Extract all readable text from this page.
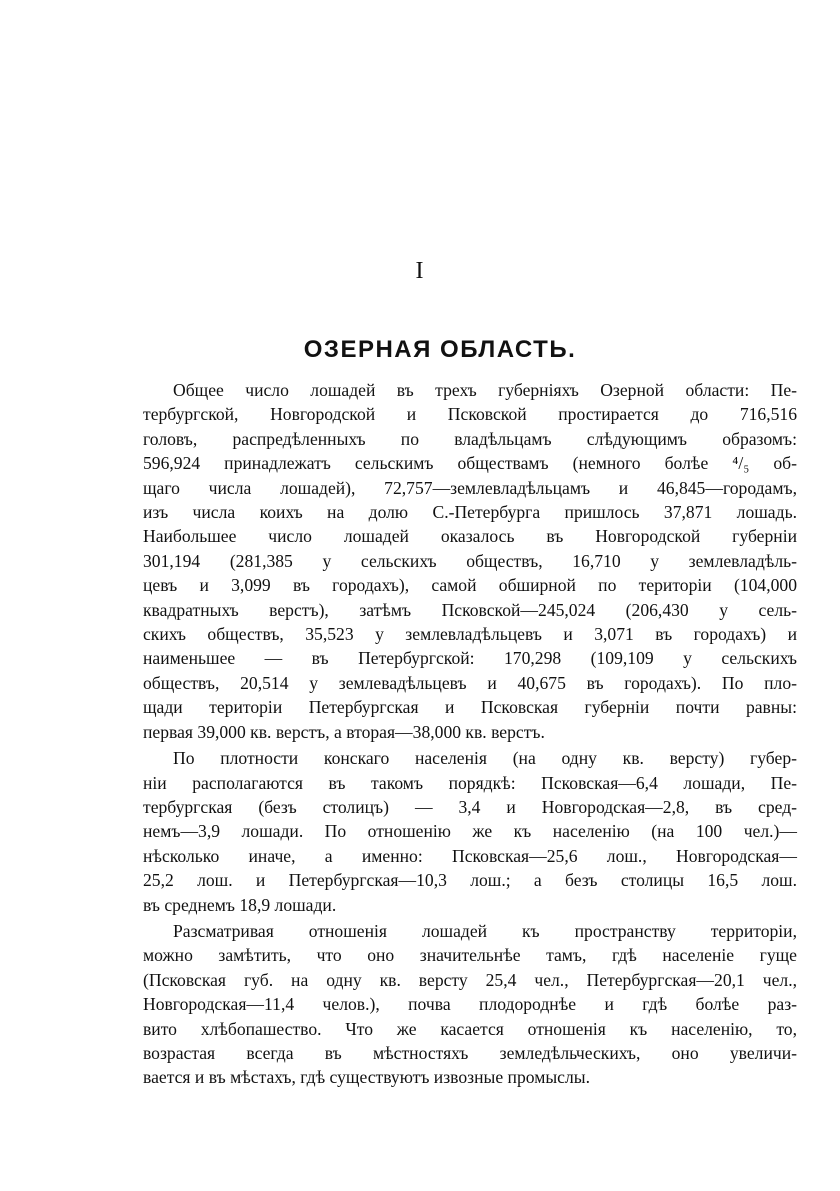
I
ОЗЕРНАЯ ОБЛАСТЬ.

Общее число лошадей въ трехъ губерніяхъ Озерной области: Пе-
тербургской, Новгородской и Псковской простирается до 716,516
головъ, распредѣленныхъ по владѣльцамъ слѣдующимъ образомъ:
596,924 принадлежатъ сельскимъ обществамъ (немного болѣе ⁴/₅ об-
щаго числа лошадей), 72,757—землевладѣльцамъ и 46,845—городамъ,
изъ числа коихъ на долю С.-Петербурга пришлось 37,871 лошадь.
Наибольшее число лошадей оказалось въ Новгородской губерніи
301,194 (281,385 у сельскихъ обществъ, 16,710 у землевладѣль-
цевъ и 3,099 въ городахъ), самой обширной по територіи (104,000
квадратныхъ верстъ), затѣмъ Псковской—245,024 (206,430 у сель-
скихъ обществъ, 35,523 у землевладѣльцевъ и 3,071 въ городахъ) и
наименьшее — въ Петербургской: 170,298 (109,109 у сельскихъ
обществъ, 20,514 у землевадѣльцевъ и 40,675 въ городахъ). По пло-
щади територіи Петербургская и Псковская губерніи почти равны:
первая 39,000 кв. верстъ, а вторая—38,000 кв. верстъ.

По плотности конскаго населенія (на одну кв. версту) губер-
ніи располагаются въ такомъ порядкѣ: Псковская—6,4 лошади, Пе-
тербургская (безъ столицъ) — 3,4 и Новгородская—2,8, въ сред-
немъ—3,9 лошади. По отношенію же къ населенію (на 100 чел.)—
нѣсколько иначе, а именно: Псковская—25,6 лош., Новгородская—
25,2 лош. и Петербургская—10,3 лош.; а безъ столицы 16,5 лош.
въ среднемъ 18,9 лошади.

Разсматривая отношенія лошадей къ пространству территоріи,
можно замѣтить, что оно значительнѣе тамъ, гдѣ населеніе гуще
(Псковская губ. на одну кв. версту 25,4 чел., Петербургская—20,1 чел.,
Новгородская—11,4 челов.), почва плодороднѣе и гдѣ болѣе раз-
вито хлѣбопашество. Что же касается отношенія къ населенію, то,
возрастая всегда въ мѣстностяхъ земледѣльческихъ, оно увеличи-
вается и въ мѣстахъ, гдѣ существуютъ извозные промыслы.
